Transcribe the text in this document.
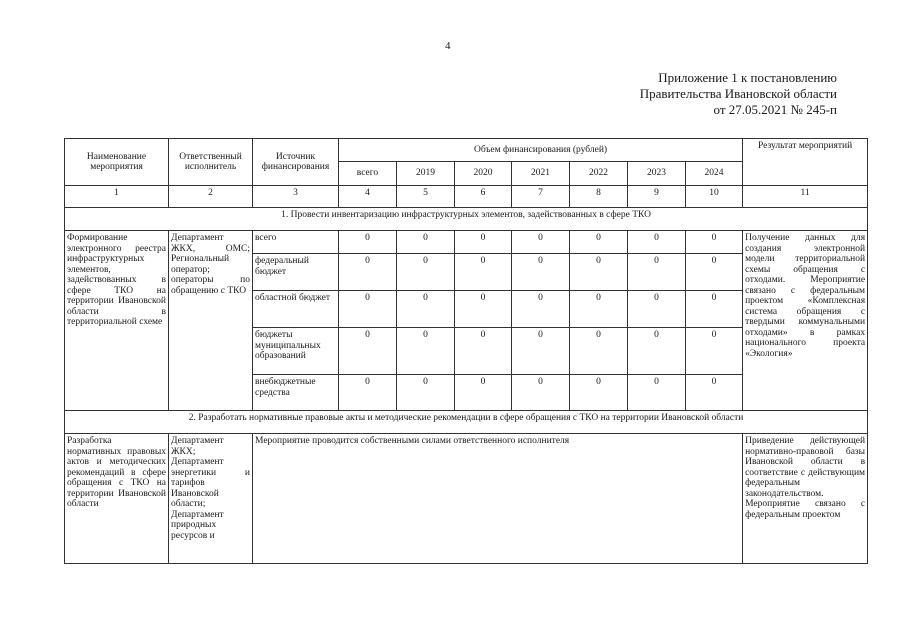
4
Приложение 1 к постановлению
Правительства Ивановской области
от 27.05.2021 № 245-п
Наименование мероприятия	Ответственный исполнитель	Источник финансирования	Объем финансирования (рублей)							Результат мероприятий
			всего	2019	2020	2021	2022	2023	2024	
1	2	3	4	5	6	7	8	9	10	11
1. Провести инвентаризацию инфраструктурных элементов, задействованных в сфере ТКО										
Формирование электронного реестра инфраструктурных элементов, задействованных в сфере ТКО на территории Ивановской области в территориальной схеме	Департамент ЖКХ, ОМС; Региональный оператор; операторы по обращению с ТКО	всего	0	0	0	0	0	0	0	Получение данных для создания электронной модели территориальной схемы обращения с отходами. Мероприятие связано с федеральным проектом «Комплексная система обращения с твердыми коммунальными отходами» в рамках национального проекта «Экология»
		федеральный бюджет	0	0	0	0	0	0	0	
		областной бюджет	0	0	0	0	0	0	0	
		бюджеты муниципальных образований	0	0	0	0	0	0	0	
		внебюджетные средства	0	0	0	0	0	0	0	
2. Разработать нормативные правовые акты и методические рекомендации в сфере обращения с ТКО на территории Ивановской области										
Разработка нормативных правовых актов и методических рекомендаций в сфере обращения с ТКО на территории Ивановской области	Департамент ЖКХ; Департамент энергетики и тарифов Ивановской области; Департамент природных ресурсов и	Мероприятие проводится собственными силами ответственного исполнителя								Приведение действующей нормативно-правовой базы Ивановской области в соответствие с действующим федеральным законодательством. Мероприятие связано с федеральным проектом
